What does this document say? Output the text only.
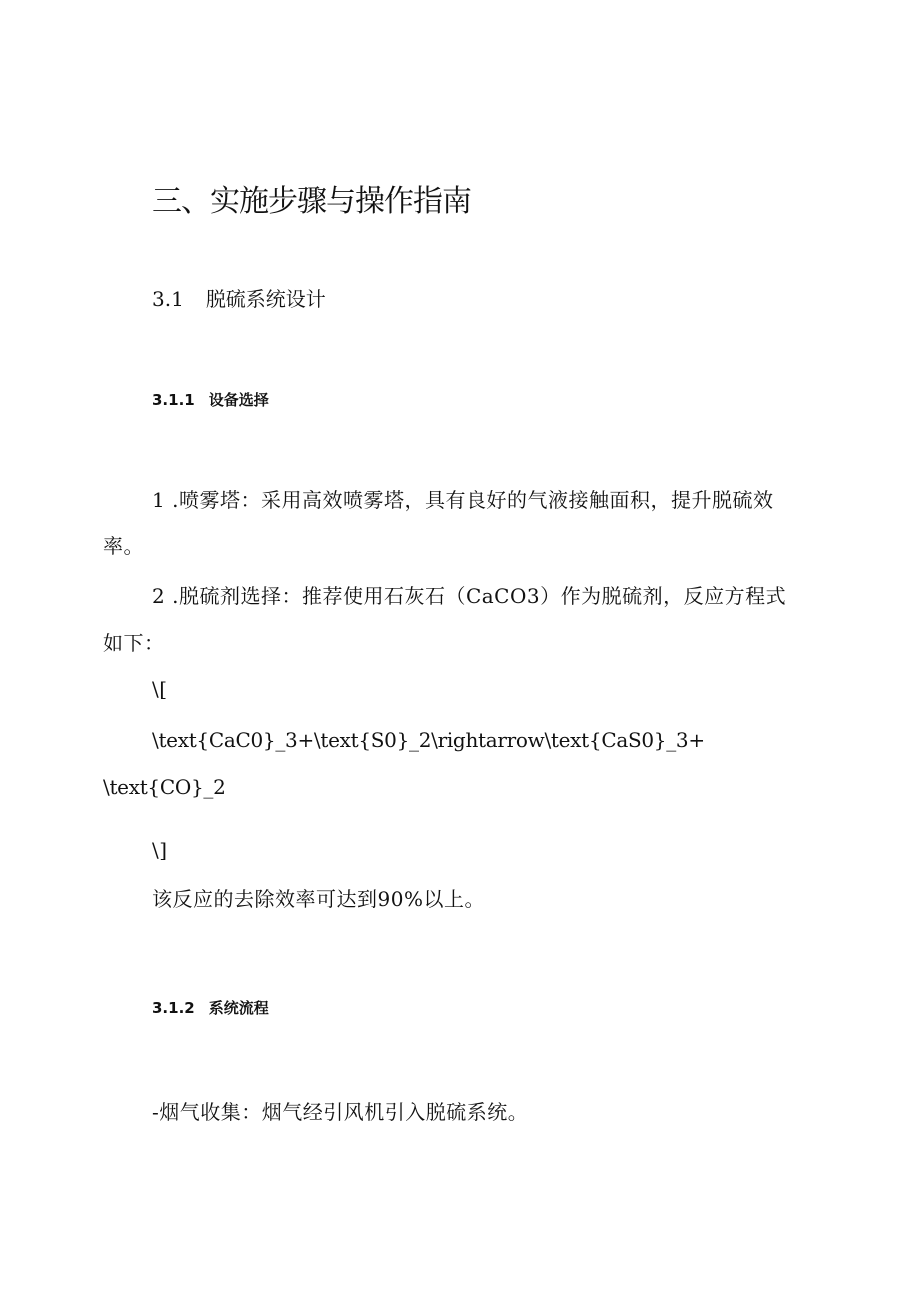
三、实施步骤与操作指南
3.1 脱硫系统设计
3.1.1 设备选择
1 .喷雾塔：采用高效喷雾塔，具有良好的气液接触面积，提升脱硫效
率。
2 .脱硫剂选择：推荐使用石灰石（CaCO3）作为脱硫剂，反应方程式
如下：
\[
\text{CaC0}_3+\text{S0}_2\rightarrow\text{CaS0}_3+
\text{CO}_2
\]
该反应的去除效率可达到90%以上。
3.1.2 系统流程
-烟气收集：烟气经引风机引入脱硫系统。
